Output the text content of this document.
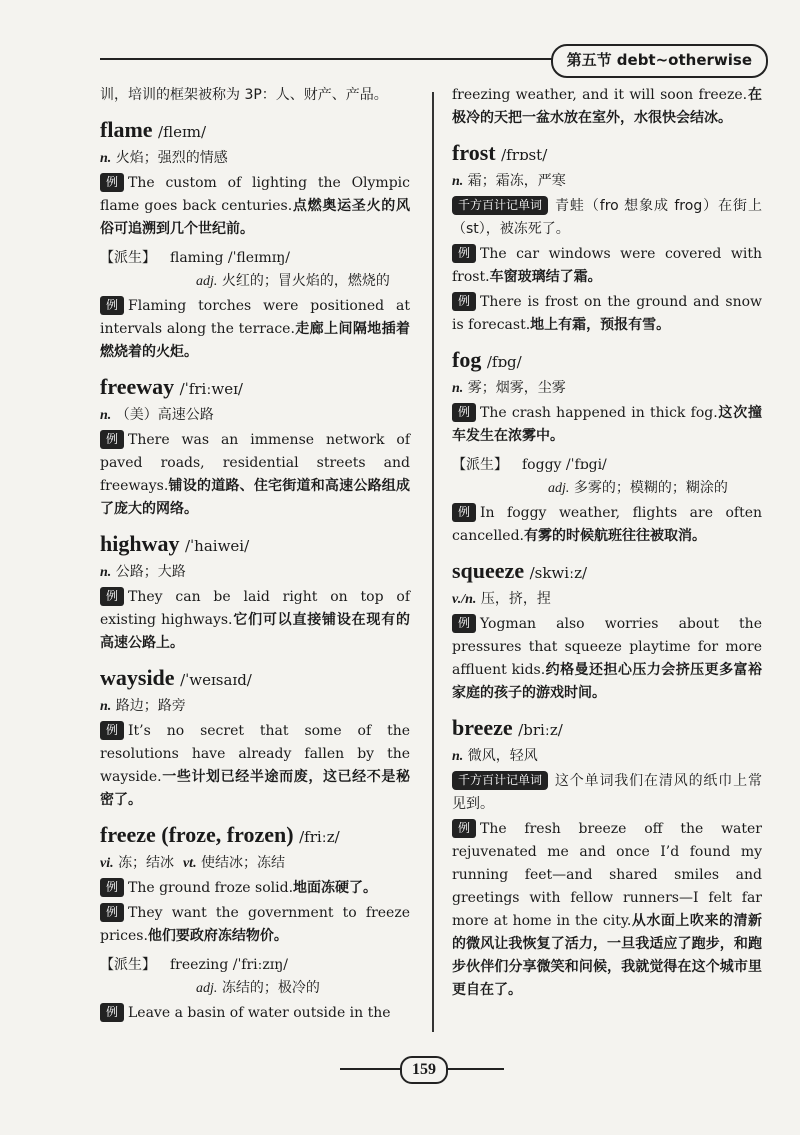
第五节 debt~otherwise

训，培训的框架被称为 3P：人、财产、产品。

flame /fleɪm/
n. 火焰；强烈的情感

例 The custom of lighting the Olympic flame goes back centuries.点燃奥运圣火的风俗可追溯到几个世纪前。

【派生】 flaming /ˈfleɪmɪŋ/
adj. 火红的；冒火焰的，燃烧的

例 Flaming torches were positioned at intervals along the terrace.走廊上间隔地插着燃烧着的火炬。

freeway /ˈfriːweɪ/
n. （美）高速公路

例 There was an immense network of paved roads, residential streets and freeways.铺设的道路、住宅街道和高速公路组成了庞大的网络。

highway /ˈhaiwei/
n. 公路；大路

例 They can be laid right on top of existing highways.它们可以直接铺设在现有的高速公路上。

wayside /ˈweɪsaɪd/
n. 路边；路旁

例 It’s no secret that some of the resolutions have already fallen by the wayside.一些计划已经半途而废，这已经不是秘密了。

freeze (froze, frozen) /friːz/
vi. 冻；结冰 vt. 使结冰；冻结

例 The ground froze solid.地面冻硬了。

例 They want the government to freeze prices.他们要政府冻结物价。

【派生】 freezing /ˈfriːzɪŋ/
adj. 冻结的；极冷的

例 Leave a basin of water outside in the

freezing weather, and it will soon freeze.在极冷的天把一盆水放在室外，水很快会结冰。

frost /frɒst/
n. 霜；霜冻，严寒

千方百计记单词 青蛙（fro 想象成 frog）在街上（st），被冻死了。

例 The car windows were covered with frost.车窗玻璃结了霜。

例 There is frost on the ground and snow is forecast.地上有霜，预报有雪。

fog /fɒg/
n. 雾；烟雾，尘雾

例 The crash happened in thick fog.这次撞车发生在浓雾中。

【派生】 foggy /ˈfɒgi/
adj. 多雾的；模糊的；糊涂的

例 In foggy weather, flights are often cancelled.有雾的时候航班往往被取消。

squeeze /skwiːz/
v./n. 压，挤，捏

例 Yogman also worries about the pressures that squeeze playtime for more affluent kids.约格曼还担心压力会挤压更多富裕家庭的孩子的游戏时间。

breeze /briːz/
n. 微风，轻风

千方百计记单词 这个单词我们在清风的纸巾上常见到。

例 The fresh breeze off the water rejuvenated me and once I’d found my running feet—and shared smiles and greetings with fellow runners—I felt far more at home in the city.从水面上吹来的清新的微风让我恢复了活力，一旦我适应了跑步，和跑步伙伴们分享微笑和问候，我就觉得在这个城市里更自在了。

159
